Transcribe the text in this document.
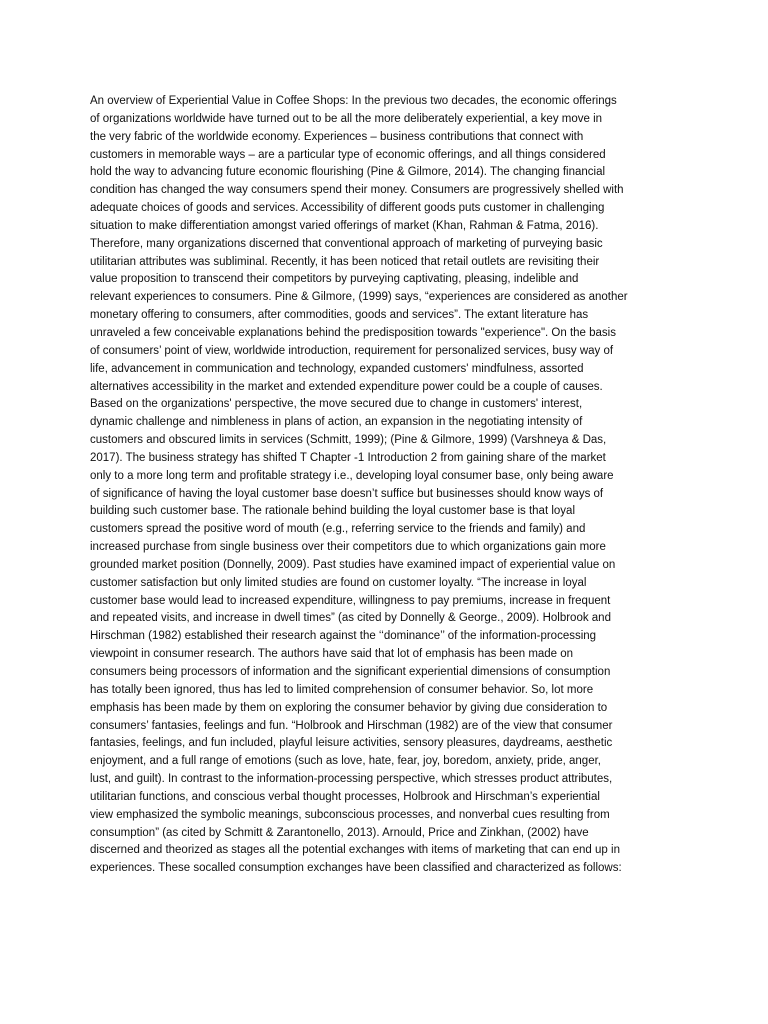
An overview of Experiential Value in Coffee Shops: In the previous two decades, the economic offerings
of organizations worldwide have turned out to be all the more deliberately experiential, a key move in
the very fabric of the worldwide economy. Experiences – business contributions that connect with
customers in memorable ways – are a particular type of economic offerings, and all things considered
hold the way to advancing future economic flourishing (Pine & Gilmore, 2014). The changing financial
condition has changed the way consumers spend their money. Consumers are progressively shelled with
adequate choices of goods and services. Accessibility of different goods puts customer in challenging
situation to make differentiation amongst varied offerings of market (Khan, Rahman & Fatma, 2016).
Therefore, many organizations discerned that conventional approach of marketing of purveying basic
utilitarian attributes was subliminal. Recently, it has been noticed that retail outlets are revisiting their
value proposition to transcend their competitors by purveying captivating, pleasing, indelible and
relevant experiences to consumers. Pine & Gilmore, (1999) says, “experiences are considered as another
monetary offering to consumers, after commodities, goods and services”. The extant literature has
unraveled a few conceivable explanations behind the predisposition towards "experience". On the basis
of consumers’ point of view, worldwide introduction, requirement for personalized services, busy way of
life, advancement in communication and technology, expanded customers' mindfulness, assorted
alternatives accessibility in the market and extended expenditure power could be a couple of causes.
Based on the organizations' perspective, the move secured due to change in customers' interest,
dynamic challenge and nimbleness in plans of action, an expansion in the negotiating intensity of
customers and obscured limits in services (Schmitt, 1999); (Pine & Gilmore, 1999) (Varshneya & Das,
2017). The business strategy has shifted T Chapter -1 Introduction 2 from gaining share of the market
only to a more long term and profitable strategy i.e., developing loyal consumer base, only being aware
of significance of having the loyal customer base doesn’t suffice but businesses should know ways of
building such customer base. The rationale behind building the loyal customer base is that loyal
customers spread the positive word of mouth (e.g., referring service to the friends and family) and
increased purchase from single business over their competitors due to which organizations gain more
grounded market position (Donnelly, 2009). Past studies have examined impact of experiential value on
customer satisfaction but only limited studies are found on customer loyalty. “The increase in loyal
customer base would lead to increased expenditure, willingness to pay premiums, increase in frequent
and repeated visits, and increase in dwell times” (as cited by Donnelly & George., 2009). Holbrook and
Hirschman (1982) established their research against the ‘‘dominance’’ of the information-processing
viewpoint in consumer research. The authors have said that lot of emphasis has been made on
consumers being processors of information and the significant experiential dimensions of consumption
has totally been ignored, thus has led to limited comprehension of consumer behavior. So, lot more
emphasis has been made by them on exploring the consumer behavior by giving due consideration to
consumers’ fantasies, feelings and fun. “Holbrook and Hirschman (1982) are of the view that consumer
fantasies, feelings, and fun included, playful leisure activities, sensory pleasures, daydreams, aesthetic
enjoyment, and a full range of emotions (such as love, hate, fear, joy, boredom, anxiety, pride, anger,
lust, and guilt). In contrast to the information-processing perspective, which stresses product attributes,
utilitarian functions, and conscious verbal thought processes, Holbrook and Hirschman’s experiential
view emphasized the symbolic meanings, subconscious processes, and nonverbal cues resulting from
consumption” (as cited by Schmitt & Zarantonello, 2013). Arnould, Price and Zinkhan, (2002) have
discerned and theorized as stages all the potential exchanges with items of marketing that can end up in
experiences. These socalled consumption exchanges have been classified and characterized as follows:
